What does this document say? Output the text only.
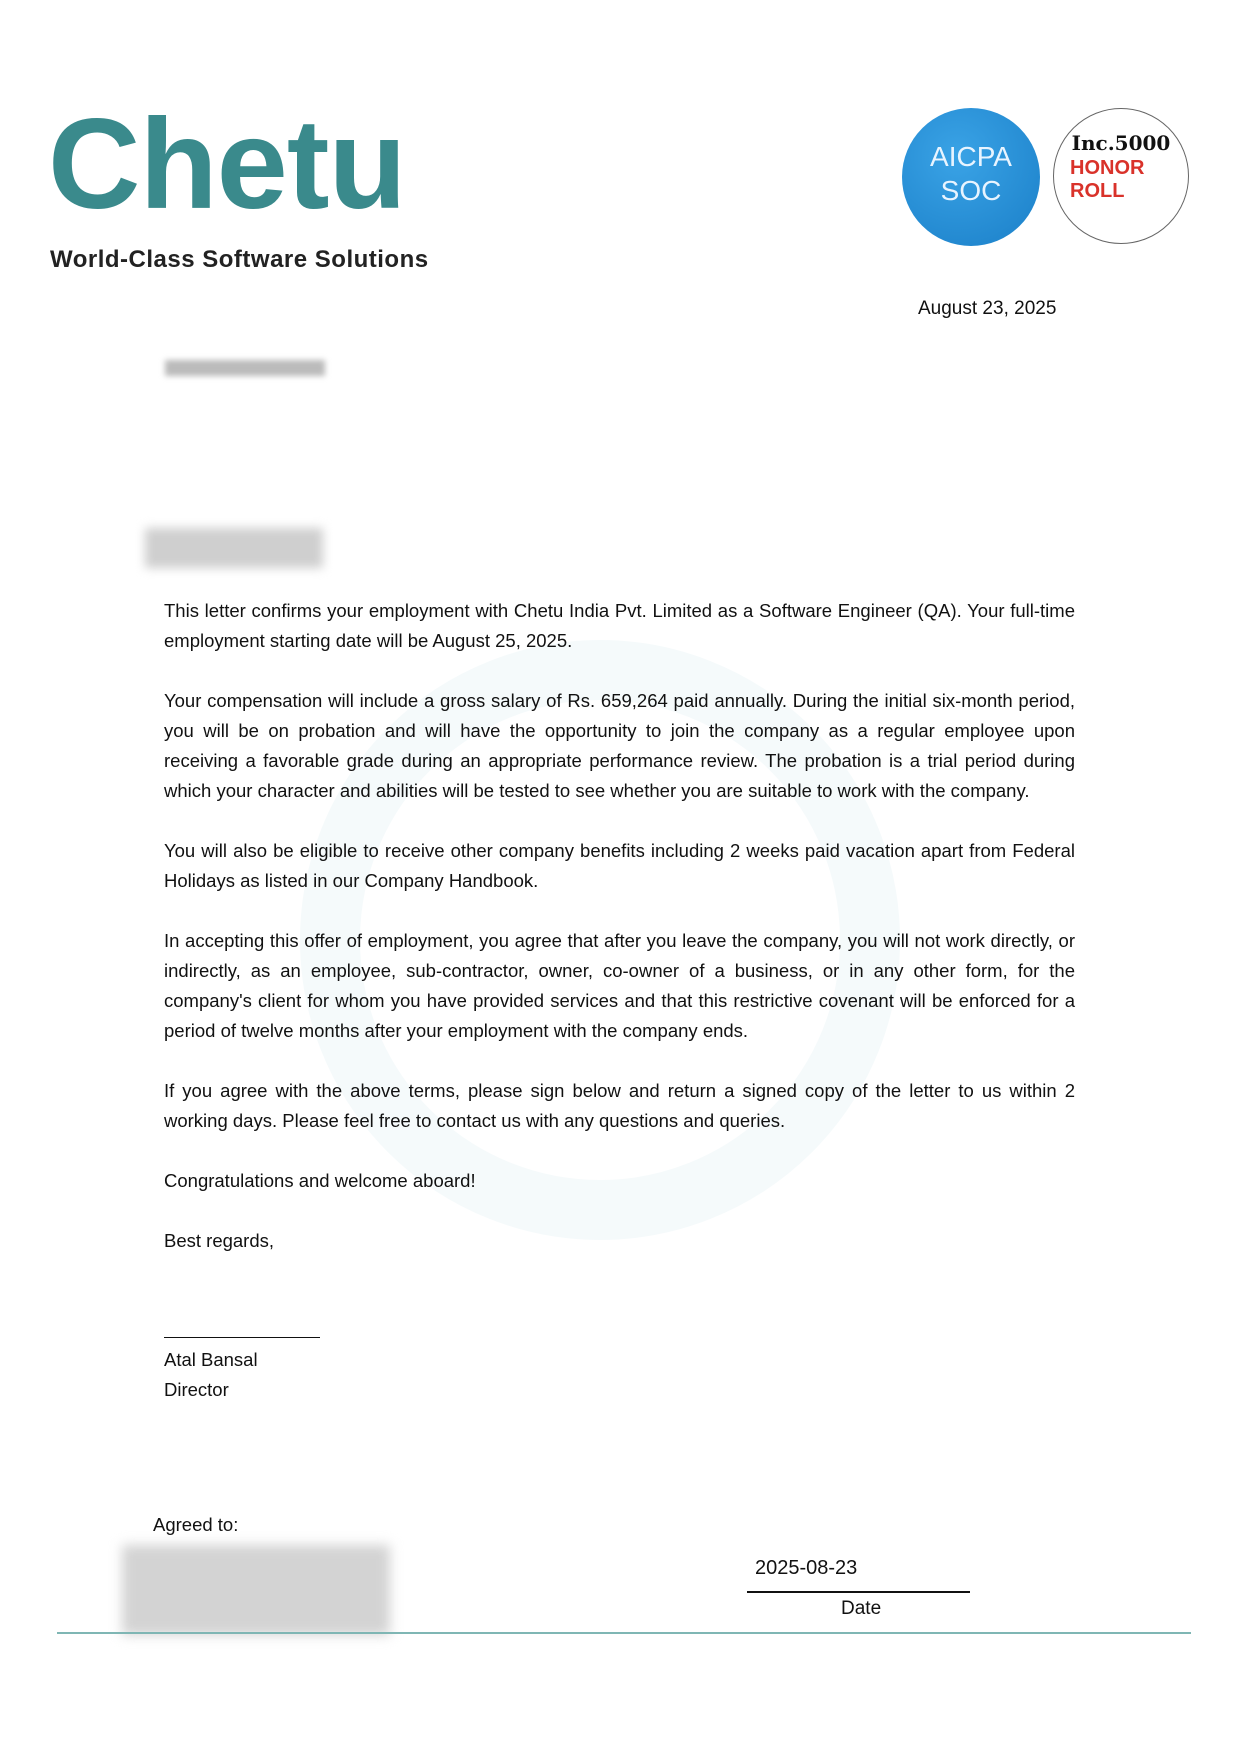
Chetu
World-Class Software Solutions
AICPA
SOC
Inc.5000
HONOR
ROLL
August 23, 2025

This letter confirms your employment with Chetu India Pvt. Limited as a Software Engineer (QA). Your full-time employment starting date will be August 25, 2025.

Your compensation will include a gross salary of Rs. 659,264 paid annually. During the initial six-month period, you will be on probation and will have the opportunity to join the company as a regular employee upon receiving a favorable grade during an appropriate performance review. The probation is a trial period during which your character and abilities will be tested to see whether you are suitable to work with the company.

You will also be eligible to receive other company benefits including 2 weeks paid vacation apart from Federal Holidays as listed in our Company Handbook.

In accepting this offer of employment, you agree that after you leave the company, you will not work directly, or indirectly, as an employee, sub-contractor, owner, co-owner of a business, or in any other form, for the company's client for whom you have provided services and that this restrictive covenant will be enforced for a period of twelve months after your employment with the company ends.

If you agree with the above terms, please sign below and return a signed copy of the letter to us within 2 working days. Please feel free to contact us with any questions and queries.

Congratulations and welcome aboard!

Best regards,

Atal Bansal
Director
Agreed to:
2025-08-23
Date
